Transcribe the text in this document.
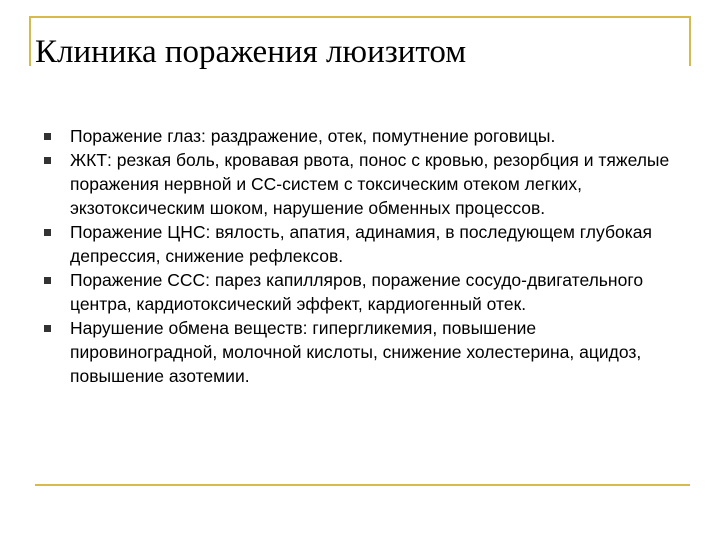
Клиника поражения люизитом
Поражение глаз: раздражение, отек, помутнение роговицы.
ЖКТ: резкая боль, кровавая рвота, понос с кровью, резорбция и тяжелые поражения нервной и СС-систем с токсическим отеком легких, экзотоксическим шоком, нарушение обменных процессов.
Поражение ЦНС: вялость, апатия, адинамия, в последующем глубокая депрессия, снижение рефлексов.
Поражение ССС: парез капилляров, поражение сосудо-двигательного центра, кардиотоксический эффект, кардиогенный отек.
Нарушение обмена веществ: гипергликемия, повышение пировиноградной, молочной кислоты, снижение холестерина, ацидоз, повышение азотемии.
